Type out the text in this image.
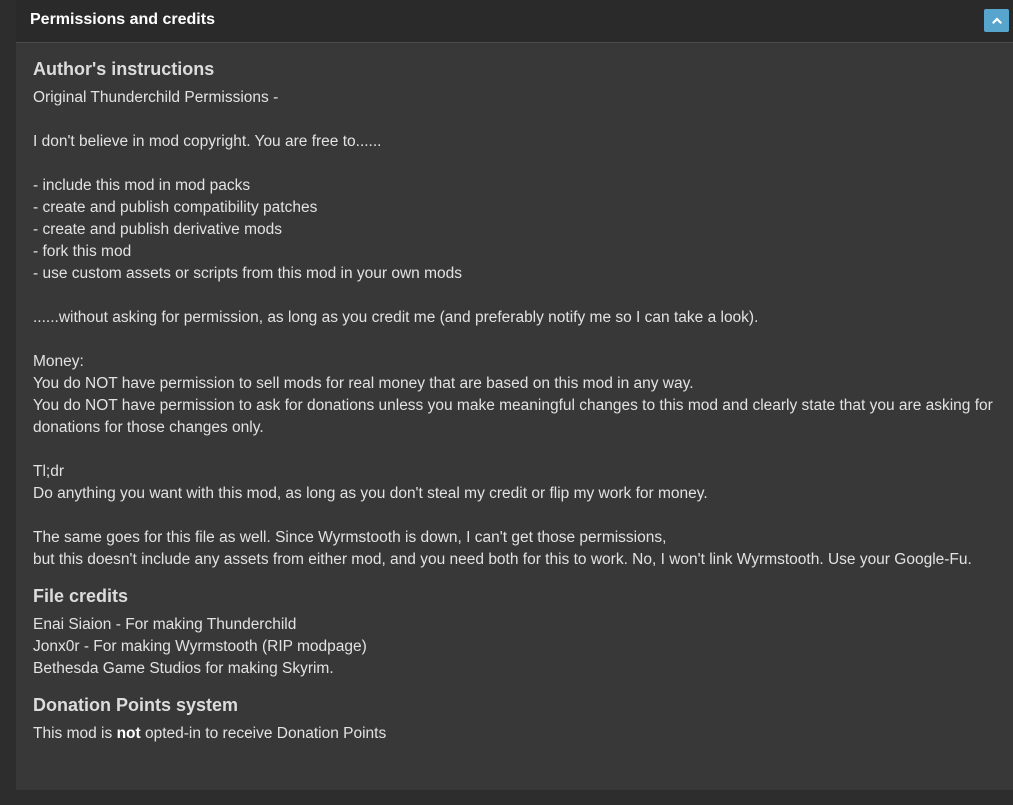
Permissions and credits
Author's instructions
Original Thunderchild Permissions -
I don't believe in mod copyright. You are free to......
- include this mod in mod packs
- create and publish compatibility patches
- create and publish derivative mods
- fork this mod
- use custom assets or scripts from this mod in your own mods
......without asking for permission, as long as you credit me (and preferably notify me so I can take a look).
Money:
You do NOT have permission to sell mods for real money that are based on this mod in any way.
You do NOT have permission to ask for donations unless you make meaningful changes to this mod and clearly state that you are asking for donations for those changes only.
Tl;dr
Do anything you want with this mod, as long as you don't steal my credit or flip my work for money.
The same goes for this file as well. Since Wyrmstooth is down, I can't get those permissions,
but this doesn't include any assets from either mod, and you need both for this to work. No, I won't link Wyrmstooth. Use your Google-Fu.
File credits
Enai Siaion - For making Thunderchild
Jonx0r - For making Wyrmstooth (RIP modpage)
Bethesda Game Studios for making Skyrim.
Donation Points system
This mod is not opted-in to receive Donation Points
